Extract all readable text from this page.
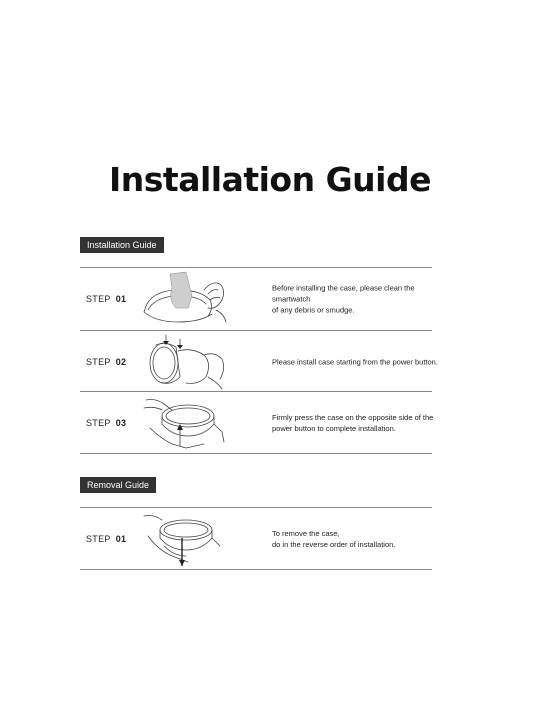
Installation Guide
Installation Guide
STEP 01
Before installing the case, please clean the smartwatch
of any debris or smudge.
STEP 02	Please install case starting from the power button.
STEP 03
Firmly press the case on the opposite side of the
power button to complete installation.
Removal Guide
STEP 01
To remove the case,
do in the reverse order of installation.
